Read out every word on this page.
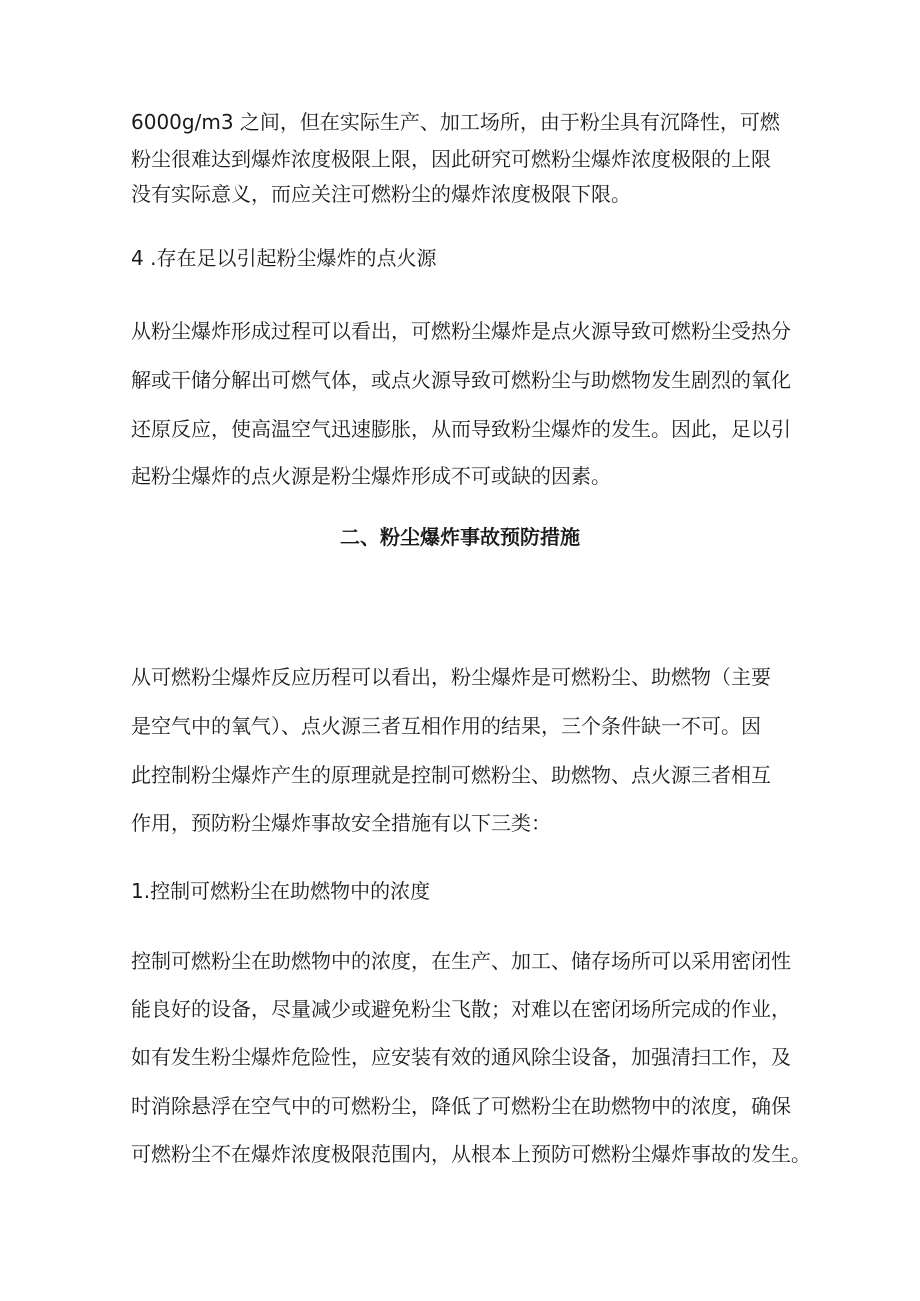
6000g/m3 之间，但在实际生产、加工场所，由于粉尘具有沉降性，可燃
粉尘很难达到爆炸浓度极限上限，因此研究可燃粉尘爆炸浓度极限的上限
没有实际意义，而应关注可燃粉尘的爆炸浓度极限下限。
4 .存在足以引起粉尘爆炸的点火源
从粉尘爆炸形成过程可以看出，可燃粉尘爆炸是点火源导致可燃粉尘受热分
解或干储分解出可燃气体，或点火源导致可燃粉尘与助燃物发生剧烈的氧化
还原反应，使高温空气迅速膨胀，从而导致粉尘爆炸的发生。因此，足以引
起粉尘爆炸的点火源是粉尘爆炸形成不可或缺的因素。
二、粉尘爆炸事故预防措施
从可燃粉尘爆炸反应历程可以看出，粉尘爆炸是可燃粉尘、助燃物（主要
是空气中的氧气）、点火源三者互相作用的结果，三个条件缺一不可。因
此控制粉尘爆炸产生的原理就是控制可燃粉尘、助燃物、点火源三者相互
作用，预防粉尘爆炸事故安全措施有以下三类：
1.控制可燃粉尘在助燃物中的浓度
控制可燃粉尘在助燃物中的浓度，在生产、加工、储存场所可以采用密闭性
能良好的设备，尽量减少或避免粉尘飞散；对难以在密闭场所完成的作业，
如有发生粉尘爆炸危险性，应安装有效的通风除尘设备，加强清扫工作，及
时消除悬浮在空气中的可燃粉尘，降低了可燃粉尘在助燃物中的浓度，确保
可燃粉尘不在爆炸浓度极限范围内，从根本上预防可燃粉尘爆炸事故的发生。
